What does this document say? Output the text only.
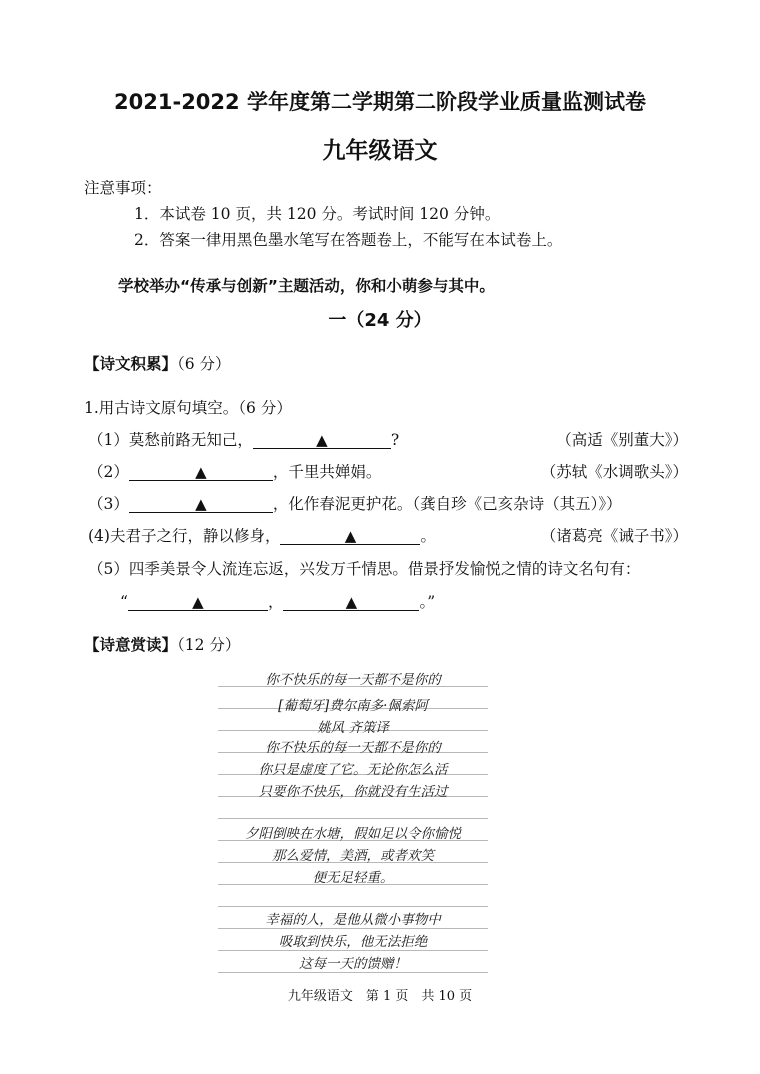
2021-2022 学年度第二学期第二阶段学业质量监测试卷
九年级语文
注意事项：
1．本试卷 10 页，共 120 分。考试时间 120 分钟。
2．答案一律用黑色墨水笔写在答题卷上，不能写在本试卷上。
学校举办“传承与创新”主题活动，你和小萌参与其中。
一（24 分）
【诗文积累】（6 分）
1.用古诗文原句填空。（6 分）
（1）莫愁前路无知己，	▲	?	（高适《别董大》）
（2）	▲	，千里共婵娟。	（苏轼《水调歌头》）
（3）	▲	，化作春泥更护花。（龚自珍《己亥杂诗（其五）》）
(4)夫君子之行，静以修身，	▲	。	（诸葛亮《诫子书》）
（5）四季美景令人流连忘返，兴发万千情思。借景抒发愉悦之情的诗文名句有：
“	▲	，	▲	。”
【诗意赏读】（12 分）
你不快乐的每一天都不是你的
[葡萄牙]费尔南多·佩索阿
姚风 齐策译
你不快乐的每一天都不是你的
你只是虚度了它。无论你怎么活
只要你不快乐，你就没有生活过
夕阳倒映在水塘，假如足以令你愉悦
那么爱情，美酒，或者欢笑
便无足轻重。
幸福的人，是他从微小事物中
吸取到快乐，他无法拒绝
这每一天的馈赠！
九年级语文　第 1 页　共 10 页
